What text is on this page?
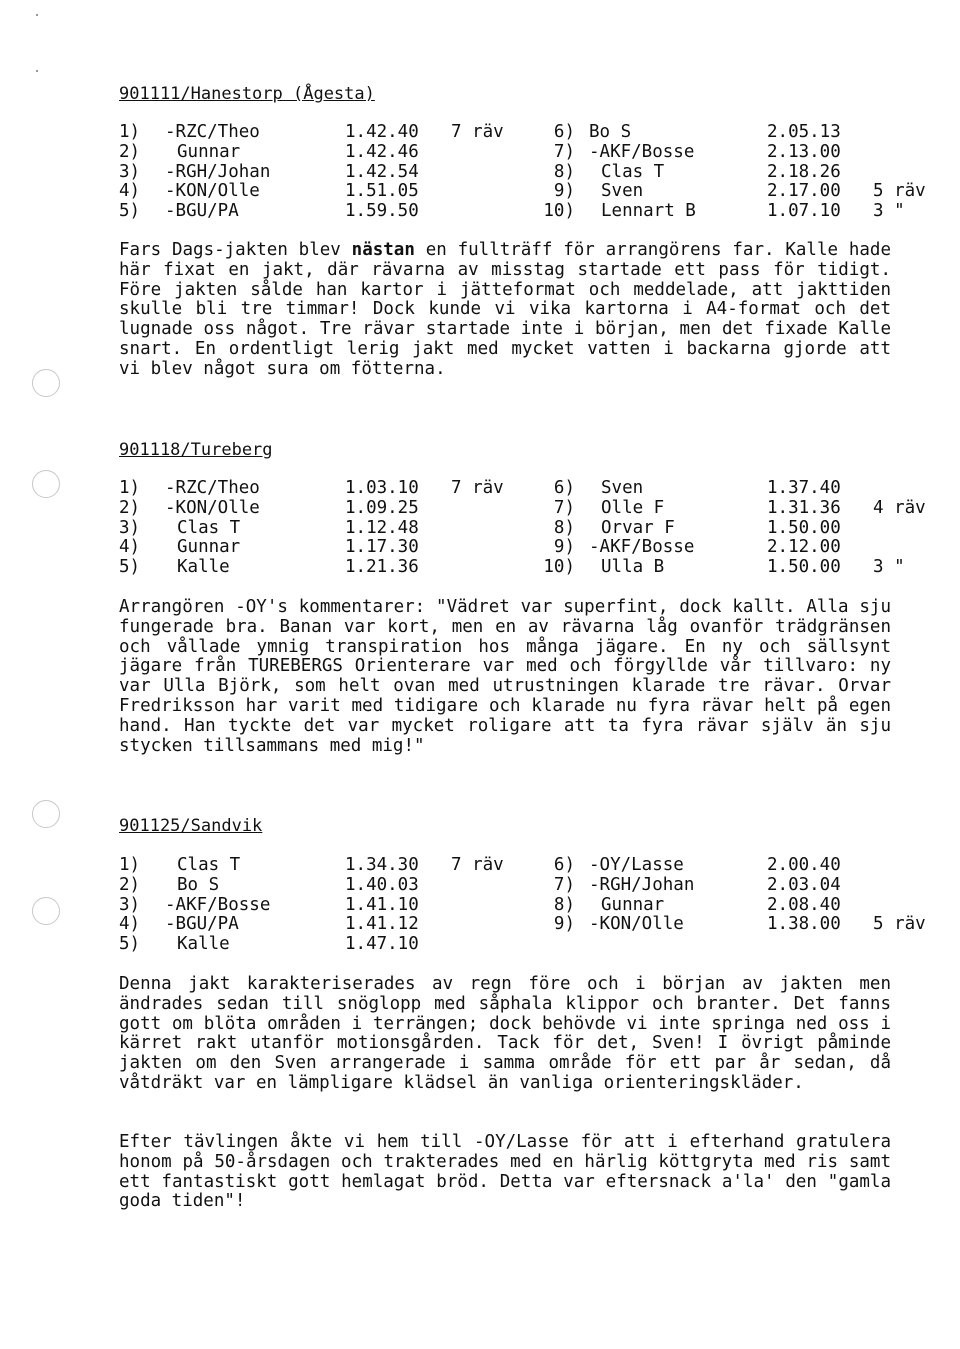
901111/Hanestorp (Ågesta)
1)	-RZC/Theo	1.42.40	7 räv	6)	Bo S	2.05.13	
2)	Gunnar	1.42.46		7)	-AKF/Bosse	2.13.00	
3)	-RGH/Johan	1.42.54		8)	Clas T	2.18.26	
4)	-KON/Olle	1.51.05		9)	Sven	2.17.00	5 räv
5)	-BGU/PA	1.59.50		10)	Lennart B	1.07.10	3 "

Fars Dags-jakten blev nästan en fullträff för arrangörens far. Kalle hade här fixat en jakt, där rävarna av misstag startade ett pass för tidigt. Före jakten sålde han kartor i jätteformat och meddelade, att jakttiden skulle bli tre timmar! Dock kunde vi vika kartorna i A4-format och det lugnade oss något. Tre rävar startade inte i början, men det fixade Kalle snart. En ordentligt lerig jakt med mycket vatten i backarna gjorde att vi blev något sura om fötterna.

901118/Tureberg
1)	-RZC/Theo	1.03.10	7 räv	6)	Sven	1.37.40	
2)	-KON/Olle	1.09.25		7)	Olle F	1.31.36	4 räv
3)	Clas T	1.12.48		8)	Orvar F	1.50.00	
4)	Gunnar	1.17.30		9)	-AKF/Bosse	2.12.00	
5)	Kalle	1.21.36		10)	Ulla B	1.50.00	3 "

Arrangören -OY's kommentarer: "Vädret var superfint, dock kallt. Alla sju fungerade bra. Banan var kort, men en av rävarna låg ovanför trädgränsen och vållade ymnig transpiration hos många jägare. En ny och sällsynt jägare från TUREBERGS Orienterare var med och förgyllde vår tillvaro: ny var Ulla Björk, som helt ovan med utrustningen klarade tre rävar. Orvar Fredriksson har varit med tidigare och klarade nu fyra rävar helt på egen hand. Han tyckte det var mycket roligare att ta fyra rävar själv än sju stycken tillsammans med mig!"

901125/Sandvik
1)	Clas T	1.34.30	7 räv	6)	-OY/Lasse	2.00.40	
2)	Bo S	1.40.03		7)	-RGH/Johan	2.03.04	
3)	-AKF/Bosse	1.41.10		8)	Gunnar	2.08.40	
4)	-BGU/PA	1.41.12		9)	-KON/Olle	1.38.00	5 räv
5)	Kalle	1.47.10					

Denna jakt karakteriserades av regn före och i början av jakten men ändrades sedan till snöglopp med såphala klippor och branter. Det fanns gott om blöta områden i terrängen; dock behövde vi inte springa ned oss i kärret rakt utanför motionsgården. Tack för det, Sven! I övrigt påminde jakten om den Sven arrangerade i samma område för ett par år sedan, då våtdräkt var en lämpligare klädsel än vanliga orienteringskläder.

Efter tävlingen åkte vi hem till -OY/Lasse för att i efterhand gratulera honom på 50-årsdagen och trakterades med en härlig köttgryta med ris samt ett fantastiskt gott hemlagat bröd. Detta var eftersnack a'la' den "gamla goda tiden"!
